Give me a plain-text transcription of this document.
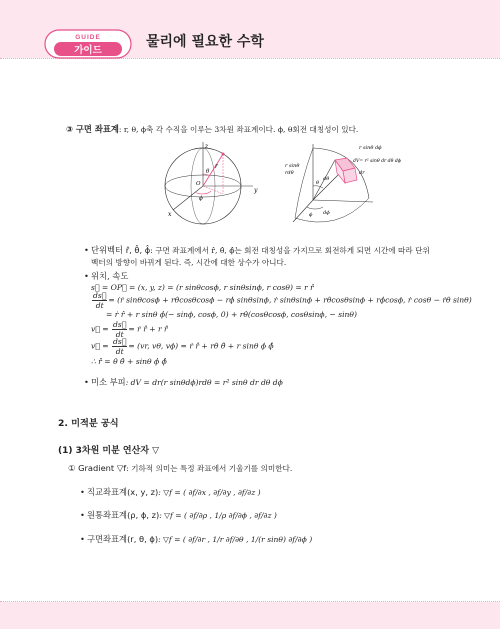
GUIDE
가이드
물리에 필요한 수학
③ 구면 좌표계: r, θ, ϕ축 각 수직을 이루는 3차원 좌표계이다. ϕ, θ회전 대칭성이 있다.
z
r
θ
O
ϕ
x
y
r sinθ dϕ
r sinθ
dV= r² sinθ dr dθ dϕ
rdθ	dr
θ
dθ
ϕ dϕ
• 단위벡터 r̂, θ̂, ϕ̂: 구면 좌표계에서 r̂, θ̂, ϕ̂는 회전 대칭성을 가지므로 회전하게 되면 시간에 따라 단위
벡터의 방향이 바뀌게 된다. 즉, 시간에 대한 상수가 아니다.
• 위치, 속도
s⃗ = OP⃗ = (x, y, z) = (r sinθcosϕ, r sinθsinϕ, r cosθ) = r r̂
$\frac{ds⃗}{dt}$ = (ṙ sinθcosϕ + rθ̇cosθcosϕ − rϕ̇ sinθsinϕ, ṙ sinθsinϕ + rθ̇cosθsinϕ + rϕ̇cosϕ, ṙ cosθ − ṙθ̇ sinθ)
= ṙ r̂ + r sinθ ϕ̇(− sinϕ, cosϕ, 0) + rθ̇(cosθcosϕ, cosθsinϕ, − sinθ)
v⃗ = $\frac{ds⃗}{dt}$ = ṙ r̂ + r r̂̇
v⃗ = $\frac{ds⃗}{dt} = (vr$, vθ, vϕ) = ṙ r̂ + rθ̇ θ̂ + r sinθ ϕ̇ ϕ̂
∴ r̂̇ = θ̇ θ̂ + sinθ ϕ̇ ϕ̂
• 미소 부피: dV = dr(r sinθdϕ)rdθ = r² sinθ dr dθ dϕ
2. 미적분 공식
(1) 3차원 미분 연산자 ▽
① Gradient ▽f: 기하적 의미는 특정 좌표에서 기울기를 의미한다.
• 직교좌표계(x, y, z): ▽f = ( ∂f/∂x , ∂f/∂y , ∂f/∂z )
• 원통좌표계(ρ, ϕ, z): ▽f = ( ∂f/∂ρ , 1/ρ ∂f/∂ϕ , ∂f/∂z )
• 구면좌표계(r, θ, ϕ): ▽f = ( ∂f/∂r , 1/r ∂f/∂θ , 1/(r sinθ) ∂f/∂ϕ )
